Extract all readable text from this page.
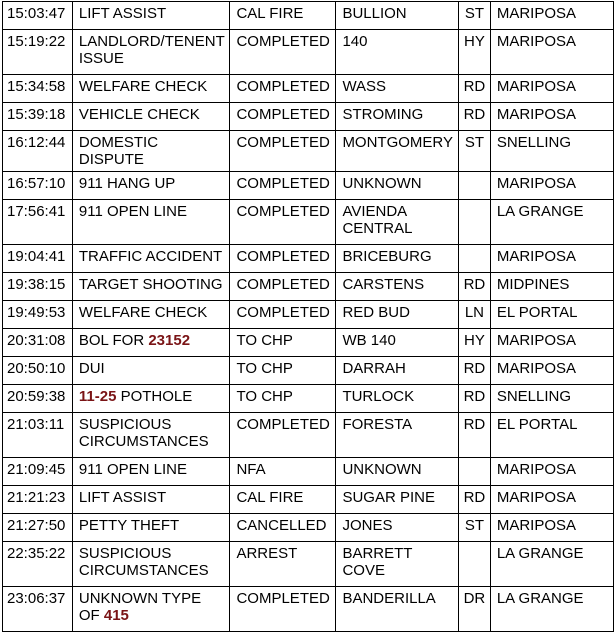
15:03:47	LIFT ASSIST	CAL FIRE	BULLION	ST	MARIPOSA
15:19:22	LANDLORD/TENENT ISSUE	COMPLETED	140	HY	MARIPOSA
15:34:58	WELFARE CHECK	COMPLETED	WASS	RD	MARIPOSA
15:39:18	VEHICLE CHECK	COMPLETED	STROMING	RD	MARIPOSA
16:12:44	DOMESTIC DISPUTE	COMPLETED	MONTGOMERY	ST	SNELLING
16:57:10	911 HANG UP	COMPLETED	UNKNOWN		MARIPOSA
17:56:41	911 OPEN LINE	COMPLETED	AVIENDA CENTRAL		LA GRANGE
19:04:41	TRAFFIC ACCIDENT	COMPLETED	BRICEBURG		MARIPOSA
19:38:15	TARGET SHOOTING	COMPLETED	CARSTENS	RD	MIDPINES
19:49:53	WELFARE CHECK	COMPLETED	RED BUD	LN	EL PORTAL
20:31:08	BOL FOR 23152	TO CHP	WB 140	HY	MARIPOSA
20:50:10	DUI	TO CHP	DARRAH	RD	MARIPOSA
20:59:38	11-25 POTHOLE	TO CHP	TURLOCK	RD	SNELLING
21:03:11	SUSPICIOUS CIRCUMSTANCES	COMPLETED	FORESTA	RD	EL PORTAL
21:09:45	911 OPEN LINE	NFA	UNKNOWN		MARIPOSA
21:21:23	LIFT ASSIST	CAL FIRE	SUGAR PINE	RD	MARIPOSA
21:27:50	PETTY THEFT	CANCELLED	JONES	ST	MARIPOSA
22:35:22	SUSPICIOUS CIRCUMSTANCES	ARREST	BARRETT COVE		LA GRANGE
23:06:37	UNKNOWN TYPE OF 415	COMPLETED	BANDERILLA	DR	LA GRANGE
